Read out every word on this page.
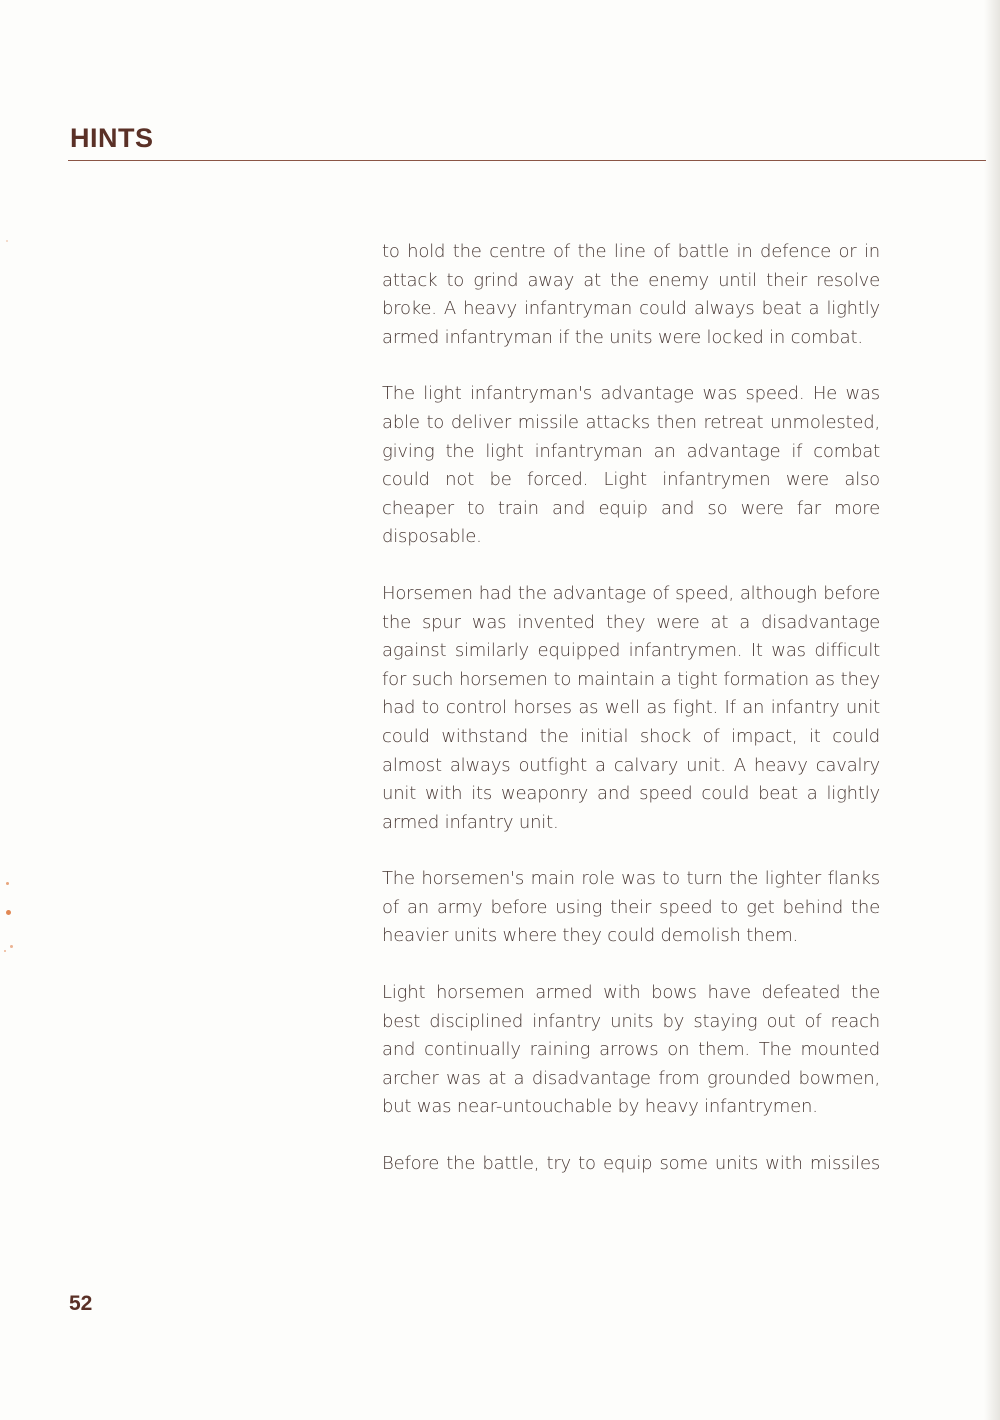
HINTS

to hold the centre of the line of battle in defence or in attack to grind away at the enemy until their resolve broke. A heavy infantryman could always beat a lightly armed infantryman if the units were locked in combat.

The light infantryman's advantage was speed. He was able to deliver missile attacks then retreat unmolested, giving the light infantryman an advantage if combat could not be forced. Light infantrymen were also cheaper to train and equip and so were far more disposable.

Horsemen had the advantage of speed, although before the spur was invented they were at a disadvantage against similarly equipped infantrymen. It was difficult for such horsemen to maintain a tight formation as they had to control horses as well as fight. If an infantry unit could withstand the initial shock of impact, it could almost always outfight a calvary unit. A heavy cavalry unit with its weaponry and speed could beat a lightly armed infantry unit.

The horsemen's main role was to turn the lighter flanks of an army before using their speed to get behind the heavier units where they could demolish them.

Light horsemen armed with bows have defeated the best disciplined infantry units by staying out of reach and continually raining arrows on them. The mounted archer was at a disadvantage from grounded bowmen, but was near-untouchable by heavy infantrymen.

Before the battle, try to equip some units with missiles

52
